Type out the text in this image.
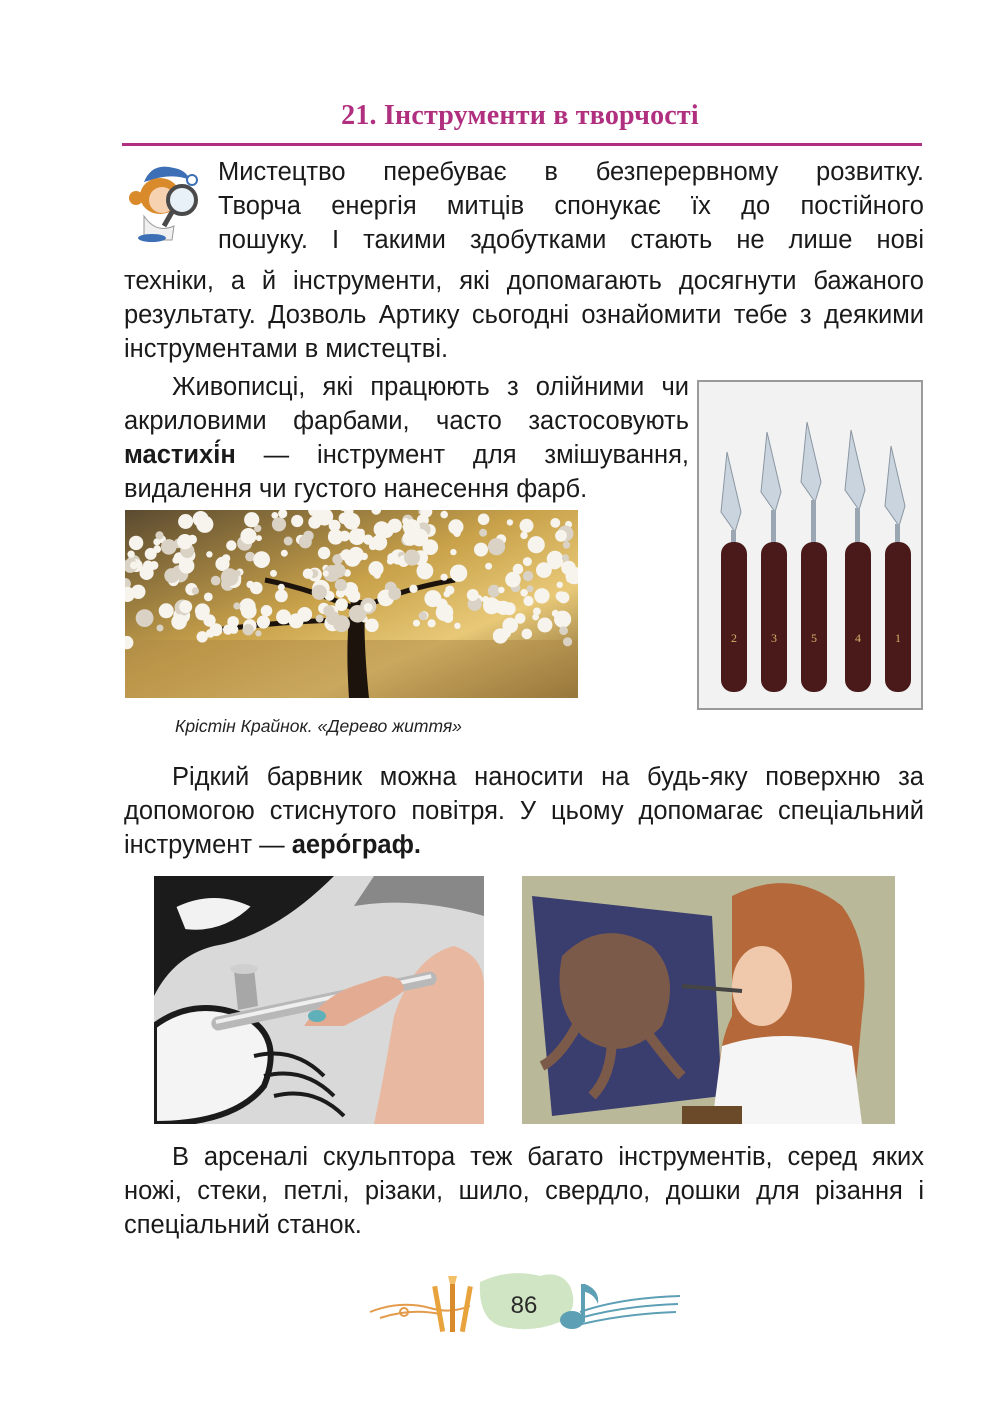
21. Інструменти в творчості

Мистецтво перебуває в безперервному розвитку.

Творча енергія митців спонукає їх до постійного

пошуку. І такими здобутками стають не лише нові

техніки, а й інструменти, які допомагають досягнути бажаного результату. Дозволь Артику сьогодні ознайомити тебе з деякими інструментами в мистецтві.

Живописці, які працюють з олійними чи акриловими фарбами, часто застосовують мастихі́н — інструмент для змішування, видалення чи густого нанесення фарб.

2	3	5	4	1
Крістін Крайнок. «Дерево життя»

Рідкий барвник можна наносити на будь-яку поверхню за допомогою стиснутого повітря. У цьому допомагає спеціальний інструмент — аеро́граф.

В арсеналі скульптора теж багато інструментів, серед яких ножі, стеки, петлі, різаки, шило, свердло, дошки для різання і спеціальний станок.

86
